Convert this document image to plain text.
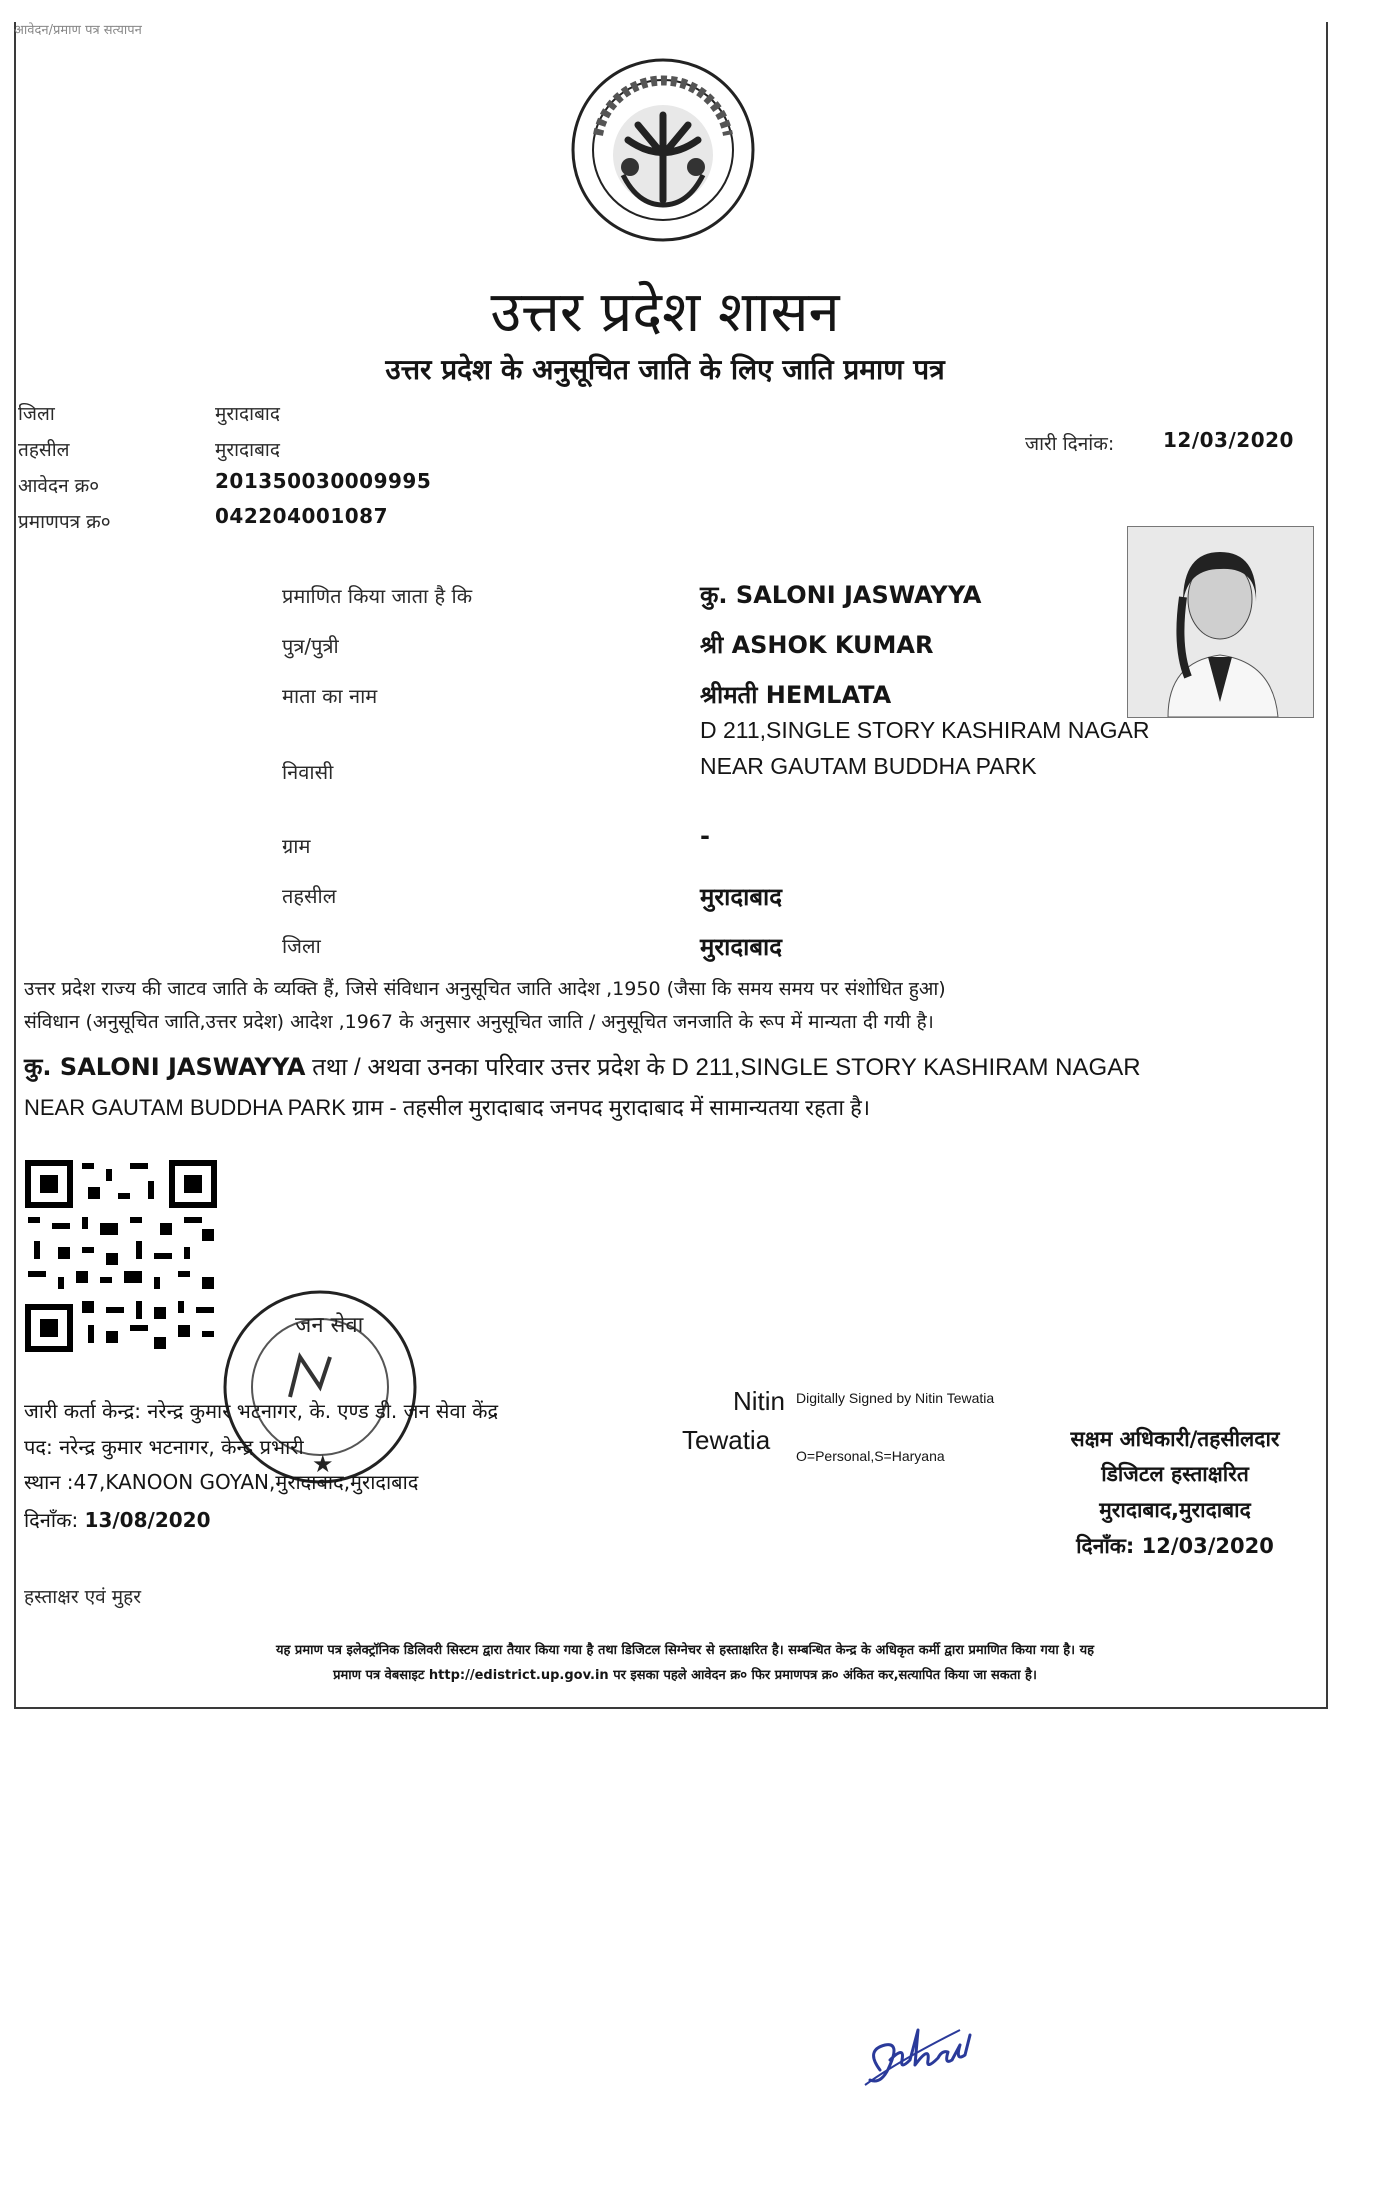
आवेदन/प्रमाण पत्र सत्यापन
उत्तर प्रदेश शासन
उत्तर प्रदेश के अनुसूचित जाति के लिए जाति प्रमाण पत्र
जिला	मुरादाबाद
तहसील	मुरादाबाद
आवेदन क्र०	201350030009995
प्रमाणपत्र क्र०	042204001087
जारी दिनांक: 12/03/2020
प्रमाणित किया जाता है कि	कु. SALONI JASWAYYA
पुत्र/पुत्री	श्री ASHOK KUMAR
माता का नाम	श्रीमती HEMLATA
निवासी
D 211,SINGLE STORY KASHIRAM NAGAR NEAR GAUTAM BUDDHA PARK
ग्राम	-
तहसील	मुरादाबाद
जिला	मुरादाबाद
उत्तर प्रदेश राज्य की जाटव जाति के व्यक्ति हैं, जिसे संविधान अनुसूचित जाति आदेश ,1950 (जैसा कि समय समय पर संशोधित हुआ)
संविधान (अनुसूचित जाति,उत्तर प्रदेश) आदेश ,1967 के अनुसार अनुसूचित जाति / अनुसूचित जनजाति के रूप में मान्यता दी गयी है।
कु. SALONI JASWAYYA तथा / अथवा उनका परिवार उत्तर प्रदेश के D 211,SINGLE STORY KASHIRAM NAGAR
NEAR GAUTAM BUDDHA PARK ग्राम - तहसील मुरादाबाद जनपद मुरादाबाद में सामान्यतया रहता है।
जन सेवा
★
जारी कर्ता केन्द्र: नरेन्द्र कुमार भटनागर, के. एण्ड डी. जन सेवा केंद्र
पद: नरेन्द्र कुमार भटनागर, केन्द्र प्रभारी
स्थान :47,KANOON GOYAN,मुरादाबाद,मुरादाबाद
दिनाँक: 13/08/2020
Nitin
Tewatia
Digitally Signed by Nitin Tewatia
O=Personal,S=Haryana
सक्षम अधिकारी/तहसीलदार
डिजिटल हस्ताक्षरित
मुरादाबाद,मुरादाबाद
दिनाँक: 12/03/2020
हस्ताक्षर एवं मुहर
यह प्रमाण पत्र इलेक्ट्रॉनिक डिलिवरी सिस्टम द्वारा तैयार किया गया है तथा डिजिटल सिग्नेचर से हस्ताक्षरित है। सम्बन्धित केन्द्र के अधिकृत कर्मी द्वारा प्रमाणित किया गया है। यह
प्रमाण पत्र वेबसाइट http://edistrict.up.gov.in पर इसका पहले आवेदन क्र० फिर प्रमाणपत्र क्र० अंकित कर,सत्यापित किया जा सकता है।
